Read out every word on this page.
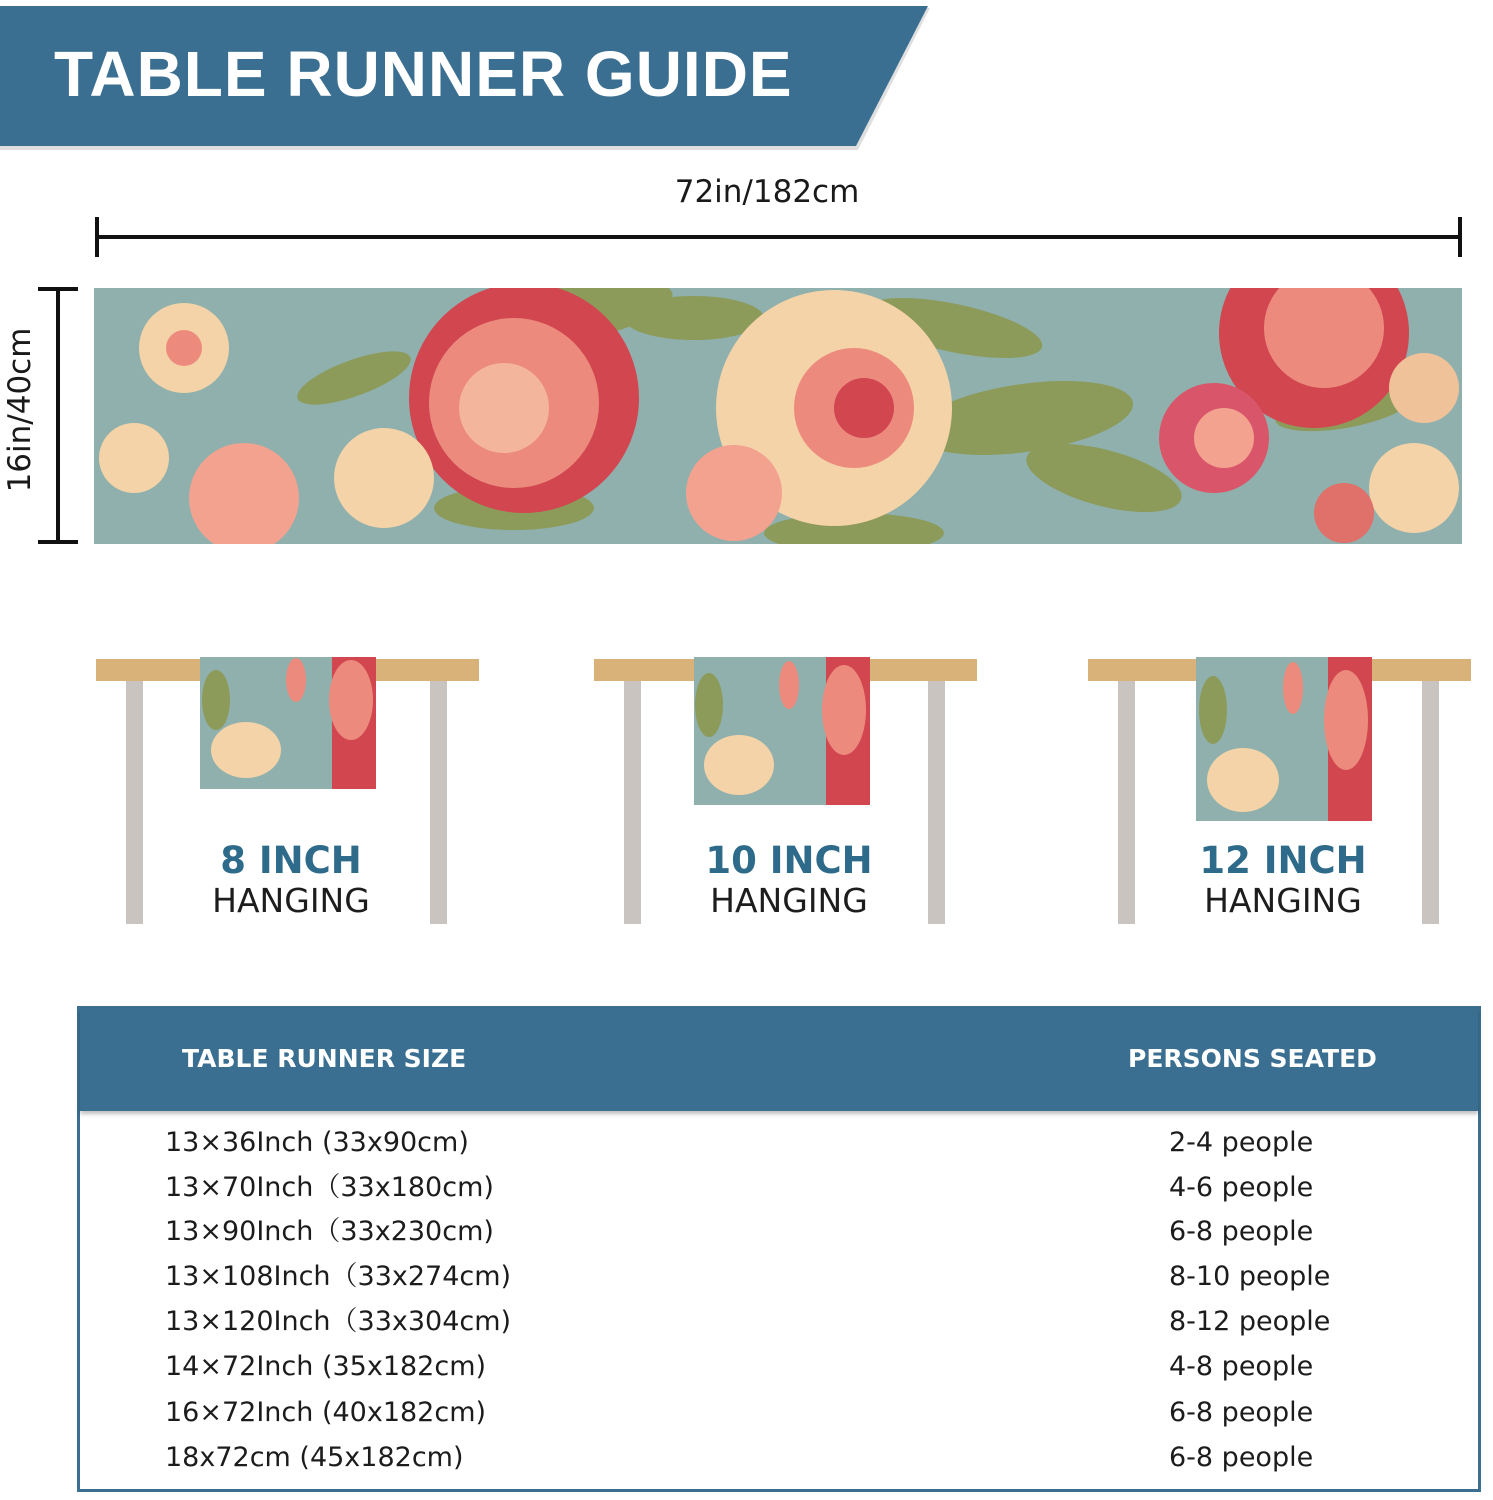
TABLE RUNNER GUIDE
72in/182cm
16in/40cm
8 INCH
HANGING
10 INCH
HANGING
12 INCH
HANGING

TABLE RUNNER SIZE	PERSONS SEATED

13×36Inch (33x90cm)	2-4 people
13×70Inch（33x180cm)	4-6 people
13×90Inch（33x230cm)	6-8 people
13×108Inch（33x274cm)	8-10 people
13×120Inch（33x304cm)	8-12 people
14×72Inch (35x182cm)	4-8 people
16×72Inch (40x182cm)	6-8 people
18x72cm (45x182cm)	6-8 people
